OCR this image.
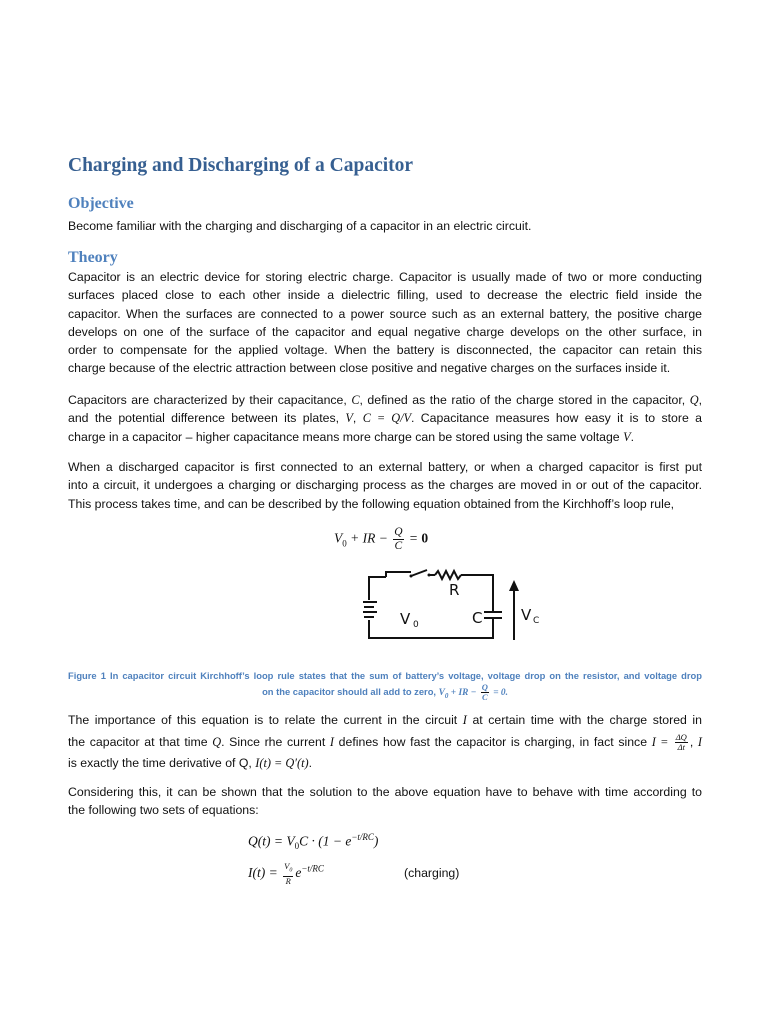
Charging and Discharging of a Capacitor
Objective
Become familiar with the charging and discharging of a capacitor in an electric circuit.
Theory
Capacitor is an electric device for storing electric charge. Capacitor is usually made of two or more conducting
surfaces placed close to each other inside a dielectric filling, used to decrease the electric field inside the
capacitor. When the surfaces are connected to a power source such as an external battery, the positive charge
develops on one of the surface of the capacitor and equal negative charge develops on the other surface, in
order to compensate for the applied voltage. When the battery is disconnected, the capacitor can retain this
charge because of the electric attraction between close positive and negative charges on the surfaces inside it.
Capacitors are characterized by their capacitance, C, defined as the ratio of the charge stored in the capacitor, Q,
and the potential difference between its plates, V, C = Q/V. Capacitance measures how easy it is to store a
charge in a capacitor – higher capacitance means more charge can be stored using the same voltage V.
When a discharged capacitor is first connected to an external battery, or when a charged capacitor is first put
into a circuit, it undergoes a charging or discharging process as the charges are moved in or out of the capacitor.
This process takes time, and can be described by the following equation obtained from the Kirchhoff’s loop rule,
$V_0$ + IR − $\frac{Q}{C} = 0$
R
V 0	C	V C
Figure 1 In capacitor circuit Kirchhoff’s loop rule states that the sum of battery’s voltage, voltage drop on the resistor, and voltage drop
on the capacitor should all add to zero, $V_0$ + IR − $\frac{Q}{C} = 0$.
The importance of this equation is to relate the current in the circuit I at certain time with the charge stored in
the capacitor at that time Q. Since rhe current I defines how fast the capacitor is charging, in fact since $I = \frac{\Delta Q}{\Delta t}$ , I
is exactly the time derivative of Q, I(t) = Q′(t).
Considering this, it can be shown that the solution to the above equation have to behave with time according to
the following two sets of equations:
$Q(t) = V_0C \cdot (1 - e^{-t/RC})$
$I(t) = \frac{V_0}{R} e^{-t/RC}$	(charging)
